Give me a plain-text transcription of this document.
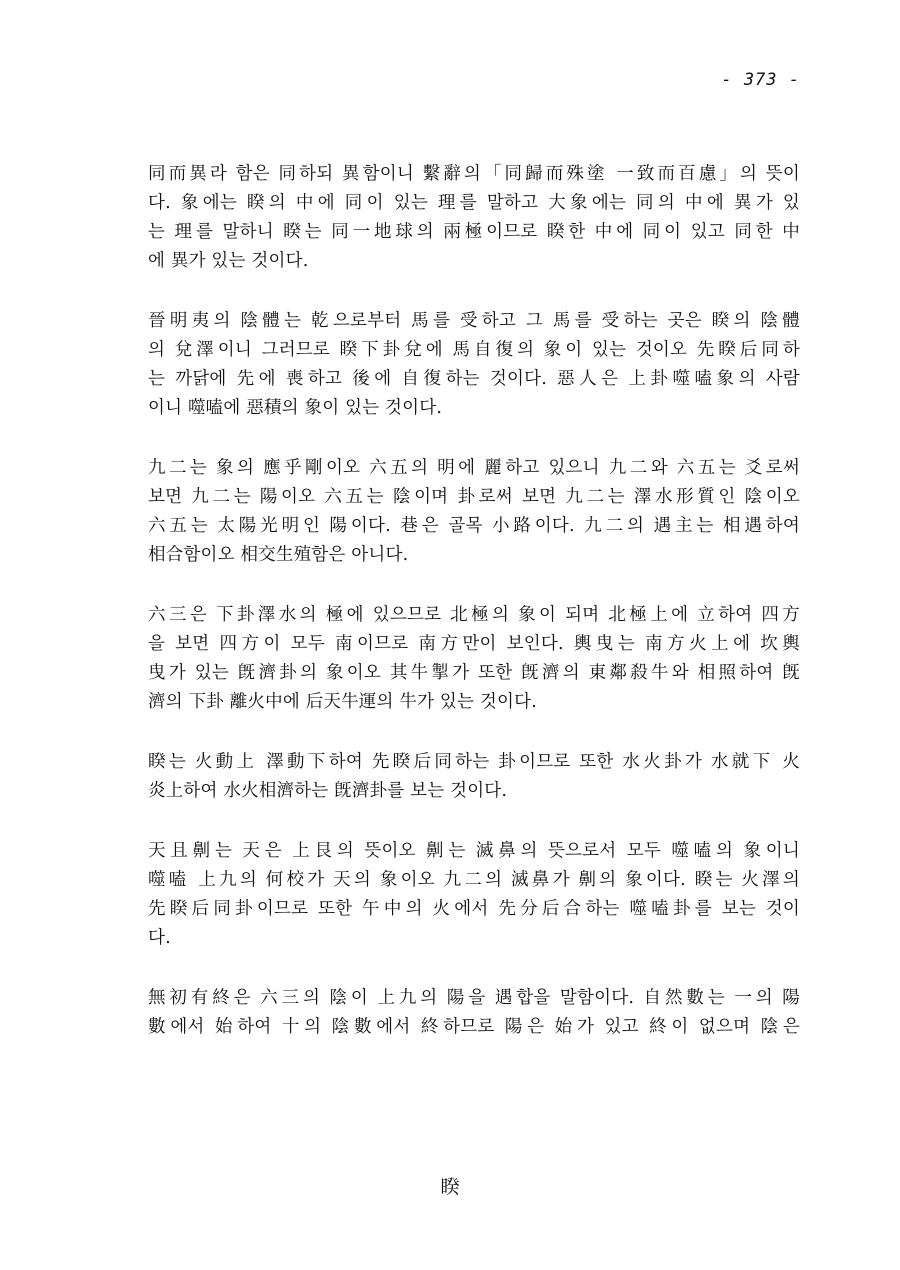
- 373 -

同而異라 함은 同하되 異함이니 繫辭의「同歸而殊塗 一致而百慮」의 뜻이
다. 象에는 睽의 中에 同이 있는 理를 말하고 大象에는 同의 中에 異가 있
는 理를 말하니 睽는 同一地球의 兩極이므로 睽한 中에 同이 있고 同한 中
에 異가 있는 것이다.

晉明夷의 陰體는 乾으로부터 馬를 受하고 그 馬를 受하는 곳은 睽의 陰體
의 兌澤이니 그러므로 睽下卦兌에 馬自復의 象이 있는 것이오 先睽后同하
는 까닭에 先에 喪하고 後에 自復하는 것이다. 惡人은 上卦噬嗑象의 사람
이니 噬嗑에 惡積의 象이 있는 것이다.

九二는 象의 應乎剛이오 六五의 明에 麗하고 있으니 九二와 六五는 爻로써
보면 九二는 陽이오 六五는 陰이며 卦로써 보면 九二는 澤水形質인 陰이오
六五는 太陽光明인 陽이다. 巷은 골목 小路이다. 九二의 遇主는 相遇하여
相合함이오 相交生殖함은 아니다.

六三은 下卦澤水의 極에 있으므로 北極의 象이 되며 北極上에 立하여 四方
을 보면 四方이 모두 南이므로 南方만이 보인다. 輿曳는 南方火上에 坎輿
曳가 있는 旣濟卦의 象이오 其牛掣가 또한 旣濟의 東鄰殺牛와 相照하여 旣
濟의 下卦 離火中에 后天牛運의 牛가 있는 것이다.

睽는 火動上 澤動下하여 先睽后同하는 卦이므로 또한 水火卦가 水就下 火
炎上하여 水火相濟하는 旣濟卦를 보는 것이다.

天且劓는 天은 上艮의 뜻이오 劓는 滅鼻의 뜻으로서 모두 噬嗑의 象이니
噬嗑 上九의 何校가 天의 象이오 九二의 滅鼻가 劓의 象이다. 睽는 火澤의
先睽后同卦이므로 또한 午中의 火에서 先分后合하는 噬嗑卦를 보는 것이
다.

無初有終은 六三의 陰이 上九의 陽을 遇합을 말함이다. 自然數는 一의 陽
數에서 始하여 十의 陰數에서 終하므로 陽은 始가 있고 終이 없으며 陰은

睽
